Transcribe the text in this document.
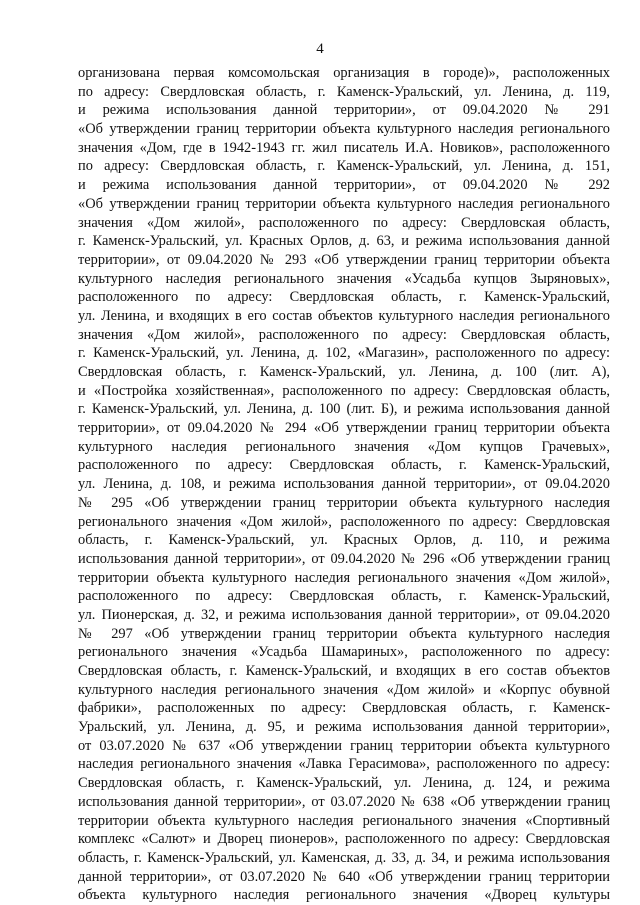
4
организована первая комсомольская организация в городе)», расположенных
по адресу: Свердловская область, г. Каменск-Уральский, ул. Ленина, д. 119,
и режима использования данной территории», от 09.04.2020 № 291
«Об утверждении границ территории объекта культурного наследия регионального
значения «Дом, где в 1942-1943 гг. жил писатель И.А. Новиков», расположенного
по адресу: Свердловская область, г. Каменск-Уральский, ул. Ленина, д. 151,
и режима использования данной территории», от 09.04.2020 № 292
«Об утверждении границ территории объекта культурного наследия регионального
значения «Дом жилой», расположенного по адресу: Свердловская область,
г. Каменск-Уральский, ул. Красных Орлов, д. 63, и режима использования данной
территории», от 09.04.2020 № 293 «Об утверждении границ территории объекта
культурного наследия регионального значения «Усадьба купцов Зыряновых»,
расположенного по адресу: Свердловская область, г. Каменск-Уральский,
ул. Ленина, и входящих в его состав объектов культурного наследия регионального
значения «Дом жилой», расположенного по адресу: Свердловская область,
г. Каменск-Уральский, ул. Ленина, д. 102, «Магазин», расположенного по адресу:
Свердловская область, г. Каменск-Уральский, ул. Ленина, д. 100 (лит. А),
и «Постройка хозяйственная», расположенного по адресу: Свердловская область,
г. Каменск-Уральский, ул. Ленина, д. 100 (лит. Б), и режима использования данной
территории», от 09.04.2020 № 294 «Об утверждении границ территории объекта
культурного наследия регионального значения «Дом купцов Грачевых»,
расположенного по адресу: Свердловская область, г. Каменск-Уральский,
ул. Ленина, д. 108, и режима использования данной территории», от 09.04.2020
№ 295 «Об утверждении границ территории объекта культурного наследия
регионального значения «Дом жилой», расположенного по адресу: Свердловская
область, г. Каменск-Уральский, ул. Красных Орлов, д. 110, и режима
использования данной территории», от 09.04.2020 № 296 «Об утверждении границ
территории объекта культурного наследия регионального значения «Дом жилой»,
расположенного по адресу: Свердловская область, г. Каменск-Уральский,
ул. Пионерская, д. 32, и режима использования данной территории», от 09.04.2020
№ 297 «Об утверждении границ территории объекта культурного наследия
регионального значения «Усадьба Шамариных», расположенного по адресу:
Свердловская область, г. Каменск-Уральский, и входящих в его состав объектов
культурного наследия регионального значения «Дом жилой» и «Корпус обувной
фабрики», расположенных по адресу: Свердловская область, г. Каменск-
Уральский, ул. Ленина, д. 95, и режима использования данной территории»,
от 03.07.2020 № 637 «Об утверждении границ территории объекта культурного
наследия регионального значения «Лавка Герасимова», расположенного по адресу:
Свердловская область, г. Каменск-Уральский, ул. Ленина, д. 124, и режима
использования данной территории», от 03.07.2020 № 638 «Об утверждении границ
территории объекта культурного наследия регионального значения «Спортивный
комплекс «Салют» и Дворец пионеров», расположенного по адресу: Свердловская
область, г. Каменск-Уральский, ул. Каменская, д. 33, д. 34, и режима использования
данной территории», от 03.07.2020 № 640 «Об утверждении границ территории
объекта культурного наследия регионального значения «Дворец культуры
